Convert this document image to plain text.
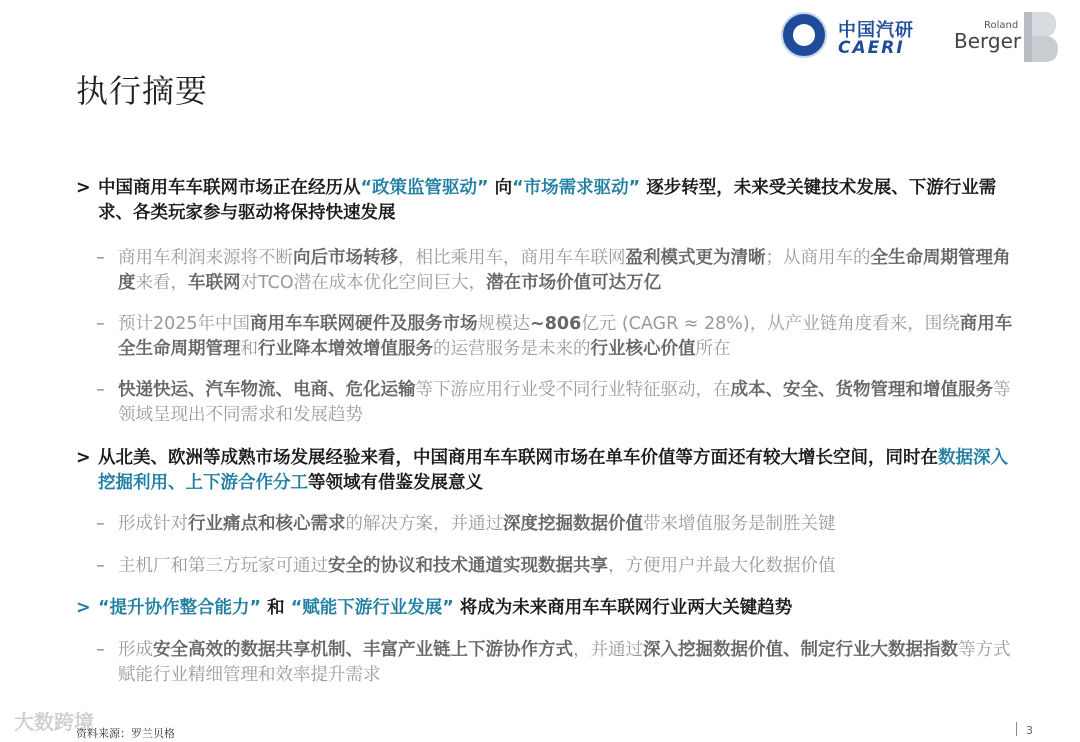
执行摘要
中国汽研
CAERI
Roland
Berger
> 中国商用车车联网市场正在经历从“政策监管驱动” 向“市场需求驱动” 逐步转型，未来受关键技术发展、下游行业需求、各类玩家参与驱动将保持快速发展
– 商用车利润来源将不断向后市场转移，相比乘用车，商用车车联网盈利模式更为清晰；从商用车的全生命周期管理角度来看，车联网对TCO潜在成本优化空间巨大，潜在市场价值可达万亿
– 预计2025年中国商用车车联网硬件及服务市场规模达~806亿元 (CAGR ≈ 28%)，从产业链角度看来，围绕商用车全生命周期管理和行业降本增效增值服务的运营服务是未来的行业核心价值所在
– 快递快运、汽车物流、电商、危化运输等下游应用行业受不同行业特征驱动，在成本、安全、货物管理和增值服务等领域呈现出不同需求和发展趋势
> 从北美、欧洲等成熟市场发展经验来看，中国商用车车联网市场在单车价值等方面还有较大增长空间，同时在数据深入挖掘利用、上下游合作分工等领域有借鉴发展意义
– 形成针对行业痛点和核心需求的解决方案，并通过深度挖掘数据价值带来增值服务是制胜关键
– 主机厂和第三方玩家可通过安全的协议和技术通道实现数据共享，方便用户并最大化数据价值
> “提升协作整合能力” 和 “赋能下游行业发展” 将成为未来商用车车联网行业两大关键趋势
– 形成安全高效的数据共享机制、丰富产业链上下游协作方式，并通过深入挖掘数据价值、制定行业大数据指数等方式赋能行业精细管理和效率提升需求
大数跨境
资料来源：罗兰贝格	3
